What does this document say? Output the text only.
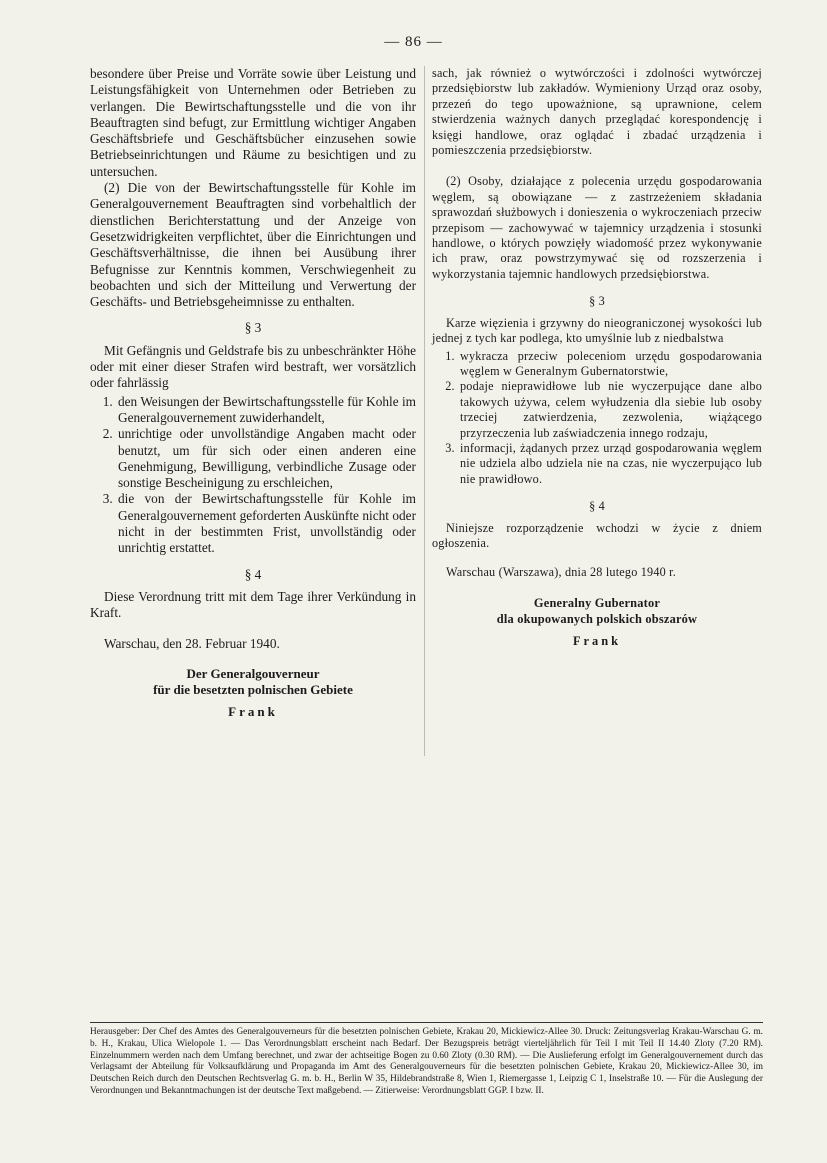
— 86 —

besondere über Preise und Vorräte sowie über Leistung und Leistungsfähigkeit von Unternehmen oder Betrieben zu verlangen. Die Bewirtschaftungsstelle und die von ihr Beauftragten sind befugt, zur Ermittlung wichtiger Angaben Geschäftsbriefe und Geschäftsbücher einzusehen sowie Betriebseinrichtungen und Räume zu besichtigen und zu untersuchen.

(2) Die von der Bewirtschaftungsstelle für Kohle im Generalgouvernement Beauftragten sind vorbehaltlich der dienstlichen Berichterstattung und der Anzeige von Gesetzwidrigkeiten verpflichtet, über die Einrichtungen und Geschäftsverhältnisse, die ihnen bei Ausübung ihrer Befugnisse zur Kenntnis kommen, Verschwiegenheit zu beobachten und sich der Mitteilung und Verwertung der Geschäfts- und Betriebsgeheimnisse zu enthalten.

§ 3

Mit Gefängnis und Geldstrafe bis zu unbeschränkter Höhe oder mit einer dieser Strafen wird bestraft, wer vorsätzlich oder fahrlässig

1. den Weisungen der Bewirtschaftungsstelle für Kohle im Generalgouvernement zuwiderhandelt,
2. unrichtige oder unvollständige Angaben macht oder benutzt, um für sich oder einen anderen eine Genehmigung, Bewilligung, verbindliche Zusage oder sonstige Bescheinigung zu erschleichen,
3. die von der Bewirtschaftungsstelle für Kohle im Generalgouvernement geforderten Auskünfte nicht oder nicht in der bestimmten Frist, unvollständig oder unrichtig erstattet.
§ 4

Diese Verordnung tritt mit dem Tage ihrer Verkündung in Kraft.

Warschau, den 28. Februar 1940.

Der Generalgouverneur
für die besetzten polnischen Gebiete
Frank

sach, jak również o wytwórczości i zdolności wytwórczej przedsiębiorstw lub zakładów. Wymieniony Urząd oraz osoby, przezeń do tego upoważnione, są uprawnione, celem stwierdzenia ważnych danych przeglądać korespondencję i księgi handlowe, oraz oglądać i zbadać urządzenia i pomieszczenia przedsiębiorstw.

(2) Osoby, działające z polecenia urzędu gospodarowania węglem, są obowiązane — z zastrzeżeniem składania sprawozdań służbowych i donieszenia o wykroczeniach przeciw przepisom — zachowywać w tajemnicy urządzenia i stosunki handlowe, o których powzięły wiadomość przez wykonywanie ich praw, oraz powstrzymywać się od rozszerzenia i wykorzystania tajemnic handlowych przedsiębiorstwa.

§ 3

Karze więzienia i grzywny do nieograniczonej wysokości lub jednej z tych kar podlega, kto umyślnie lub z niedbalstwa

1. wykracza przeciw poleceniom urzędu gospodarowania węglem w Generalnym Gubernatorstwie,
2. podaje nieprawidłowe lub nie wyczerpujące dane albo takowych używa, celem wyłudzenia dla siebie lub osoby trzeciej zatwierdzenia, zezwolenia, wiążącego przyrzeczenia lub zaświadczenia innego rodzaju,
3. informacji, żądanych przez urząd gospodarowania węglem nie udziela albo udziela nie na czas, nie wyczerpująco lub nie prawidłowo.
§ 4

Niniejsze rozporządzenie wchodzi w życie z dniem ogłoszenia.

Warschau (Warszawa), dnia 28 lutego 1940 r.

Generalny Gubernator
dla okupowanych polskich obszarów
Frank

Herausgeber: Der Chef des Amtes des Generalgouverneurs für die besetzten polnischen Gebiete, Krakau 20, Mickiewicz-Allee 30. Druck: Zeitungsverlag Krakau-Warschau G. m. b. H., Krakau, Ulica Wielopole 1. — Das Verordnungsblatt erscheint nach Bedarf. Der Bezugspreis beträgt vierteljährlich für Teil I mit Teil II 14.40 Zloty (7.20 RM). Einzelnummern werden nach dem Umfang berechnet, und zwar der achtseitige Bogen zu 0.60 Zloty (0.30 RM). — Die Auslieferung erfolgt im Generalgouvernement durch das Verlagsamt der Abteilung für Volksaufklärung und Propaganda im Amt des Generalgouverneurs für die besetzten polnischen Gebiete, Krakau 20, Mickiewicz-Allee 30, im Deutschen Reich durch den Deutschen Rechtsverlag G. m. b. H., Berlin W 35, Hildebrandstraße 8, Wien 1, Riemergasse 1, Leipzig C 1, Inselstraße 10. — Für die Auslegung der Verordnungen und Bekanntmachungen ist der deutsche Text maßgebend. — Zitierweise: Verordnungsblatt GGP. I bzw. II.
